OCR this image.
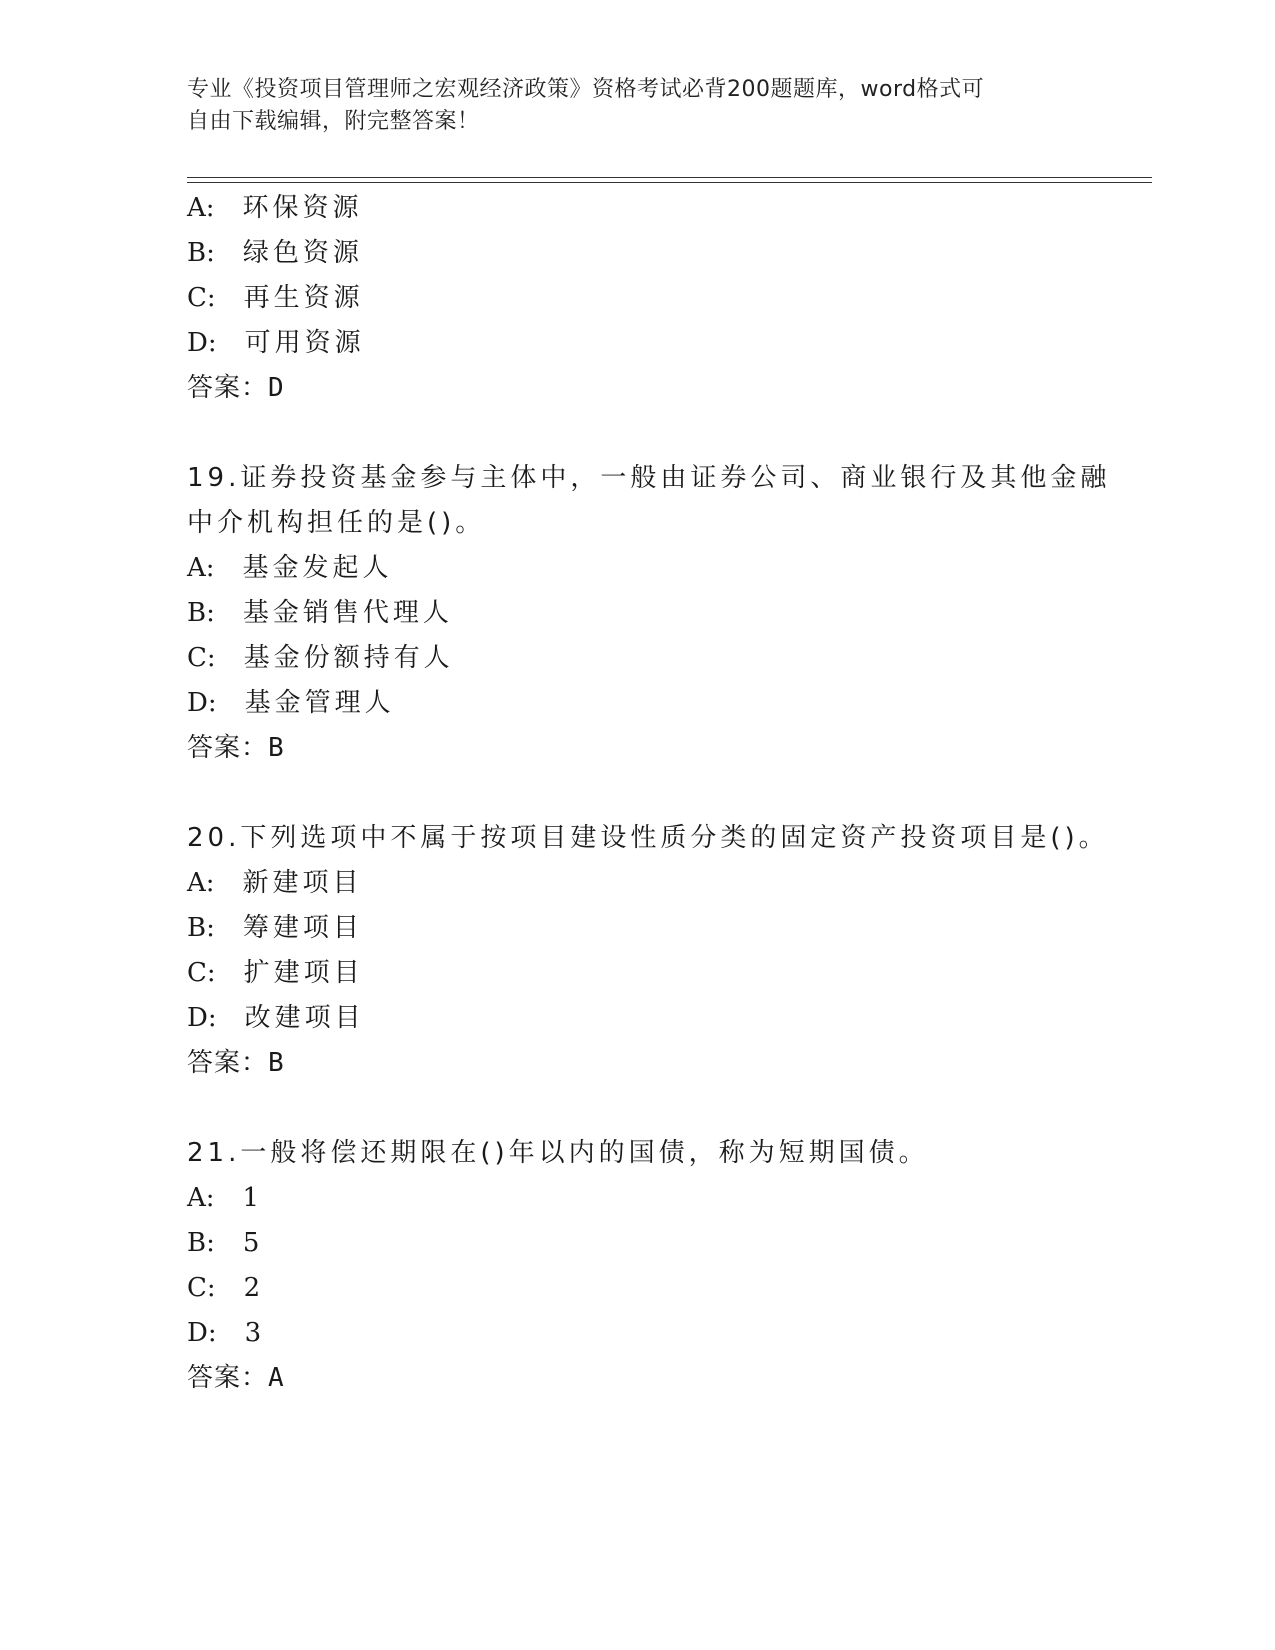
专业《投资项目管理师之宏观经济政策》资格考试必背200题题库，word格式可
自由下载编辑，附完整答案！
A: 环保资源
B: 绿色资源
C: 再生资源
D: 可用资源
答案：D
19.证券投资基金参与主体中，一般由证券公司、商业银行及其他金融
中介机构担任的是()。
A: 基金发起人
B: 基金销售代理人
C: 基金份额持有人
D: 基金管理人
答案：B
20.下列选项中不属于按项目建设性质分类的固定资产投资项目是()。
A: 新建项目
B: 筹建项目
C: 扩建项目
D: 改建项目
答案：B
21.一般将偿还期限在()年以内的国债，称为短期国债。
A: 1
B: 5
C: 2
D: 3
答案：A
